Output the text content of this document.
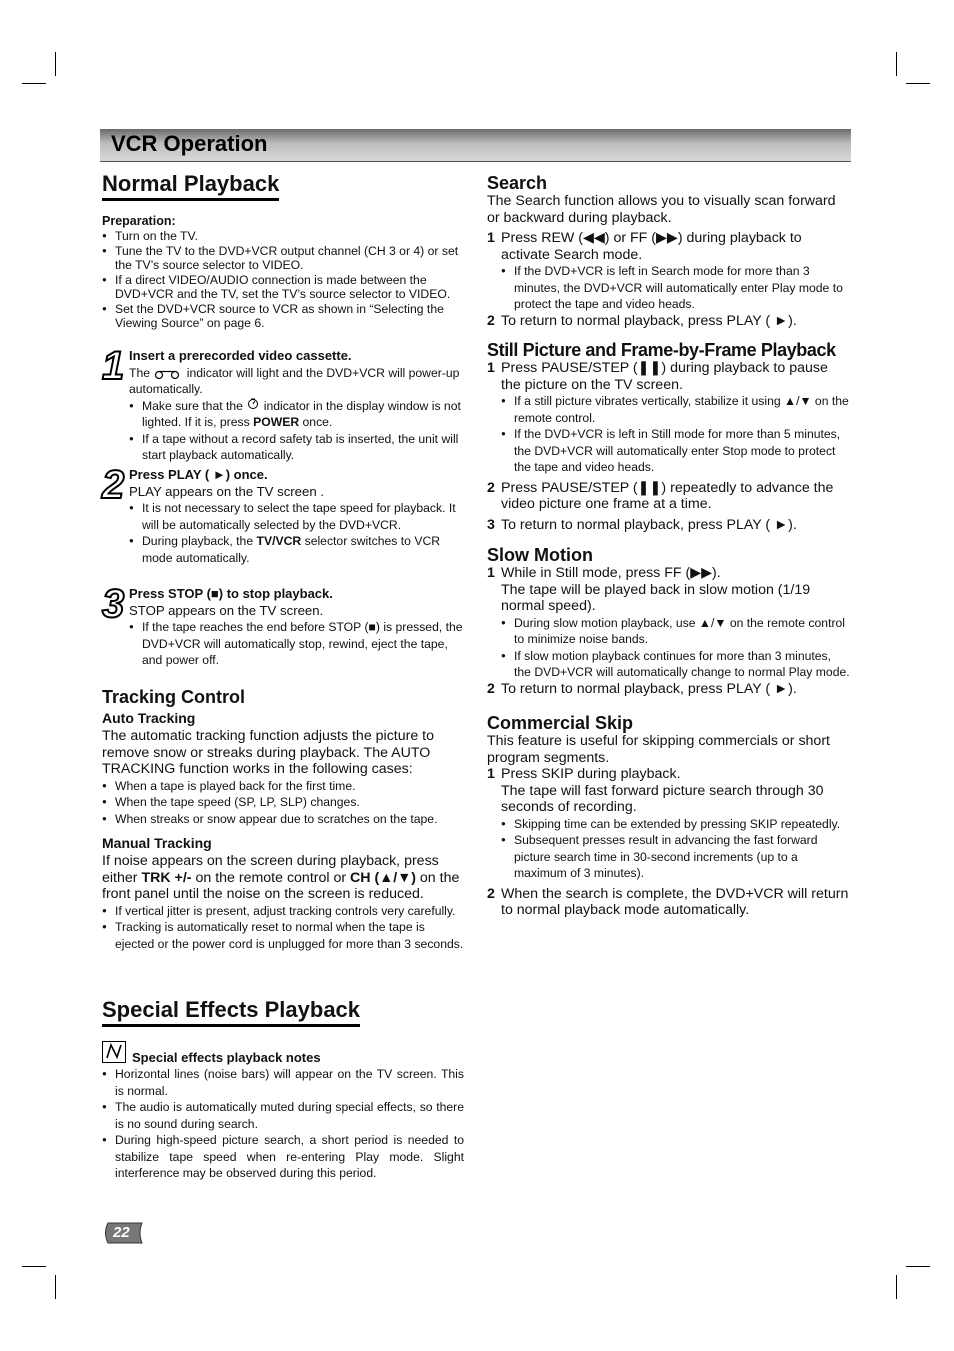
VCR Operation
Normal Playback
Preparation:
● Turn on the TV.
● Tune the TV to the DVD+VCR output channel (CH 3 or 4) or set the TV’s source selector to VIDEO.
● If a direct VIDEO/AUDIO connection is made between the DVD+VCR and the TV, set the TV’s source selector to VIDEO.
● Set the DVD+VCR source to VCR as shown in “Selecting the Viewing Source” on page 6.
1 Insert a prerecorded video cassette.
The	indicator will light and the DVD+VCR will power-up automatically.
● Make sure that the indicator in the display window is not lighted. If it is, press POWER once.
● If a tape without a record safety tab is inserted, the unit will start playback automatically.
2 Press PLAY ( ►) once.
PLAY appears on the TV screen .
● It is not necessary to select the tape speed for playback. It will be automatically selected by the DVD+VCR.
● During playback, the TV/VCR selector switches to VCR mode automatically.
3 Press STOP (■) to stop playback.
STOP appears on the TV screen.
● If the tape reaches the end before STOP (■) is pressed, the DVD+VCR will automatically stop, rewind, eject the tape, and power off.
Tracking Control
Auto Tracking
The automatic tracking function adjusts the picture to remove snow or streaks during playback. The AUTO TRACKING function works in the following cases:
● When a tape is played back for the first time.
● When the tape speed (SP, LP, SLP) changes.
● When streaks or snow appear due to scratches on the tape.
Manual Tracking
If noise appears on the screen during playback, press either TRK +/- on the remote control or CH (▲/▼) on the front panel until the noise on the screen is reduced.
● If vertical jitter is present, adjust tracking controls very carefully.
● Tracking is automatically reset to normal when the tape is ejected or the power cord is unplugged for more than 3 seconds.
Special Effects Playback
Special effects playback notes
● Horizontal lines (noise bars) will appear on the TV screen. This is normal.
● The audio is automatically muted during special effects, so there is no sound during search.
● During high-speed picture search, a short period is needed to stabilize tape speed when re-entering Play mode. Slight interference may be observed during this period.
22
Search
The Search function allows you to visually scan forward or backward during playback.
1 Press REW (◀◀) or FF (▶▶) during playback to activate Search mode.
● If the DVD+VCR is left in Search mode for more than 3 minutes, the DVD+VCR will automatically enter Play mode to protect the tape and video heads.
2 To return to normal playback, press PLAY ( ►).
Still Picture and Frame-by-Frame Playback
1 Press PAUSE/STEP (❚❚) during playback to pause the picture on the TV screen.
● If a still picture vibrates vertically, stabilize it using ▲/▼ on the remote control.
● If the DVD+VCR is left in Still mode for more than 5 minutes, the DVD+VCR will automatically enter Stop mode to protect the tape and video heads.
2 Press PAUSE/STEP (❚❚) repeatedly to advance the video picture one frame at a time.
3 To return to normal playback, press PLAY ( ►).
Slow Motion
1 While in Still mode, press FF (▶▶).
The tape will be played back in slow motion (1/19 normal speed).
● During slow motion playback, use ▲/▼ on the remote control to minimize noise bands.
● If slow motion playback continues for more than 3 minutes, the DVD+VCR will automatically change to normal Play mode.
2 To return to normal playback, press PLAY ( ►).
Commercial Skip
This feature is useful for skipping commercials or short program segments.
1 Press SKIP during playback.
The tape will fast forward picture search through 30 seconds of recording.
● Skipping time can be extended by pressing SKIP repeatedly.
● Subsequent presses result in advancing the fast forward picture search time in 30-second increments (up to a maximum of 3 minutes).
2 When the search is complete, the DVD+VCR will return to normal playback mode automatically.
